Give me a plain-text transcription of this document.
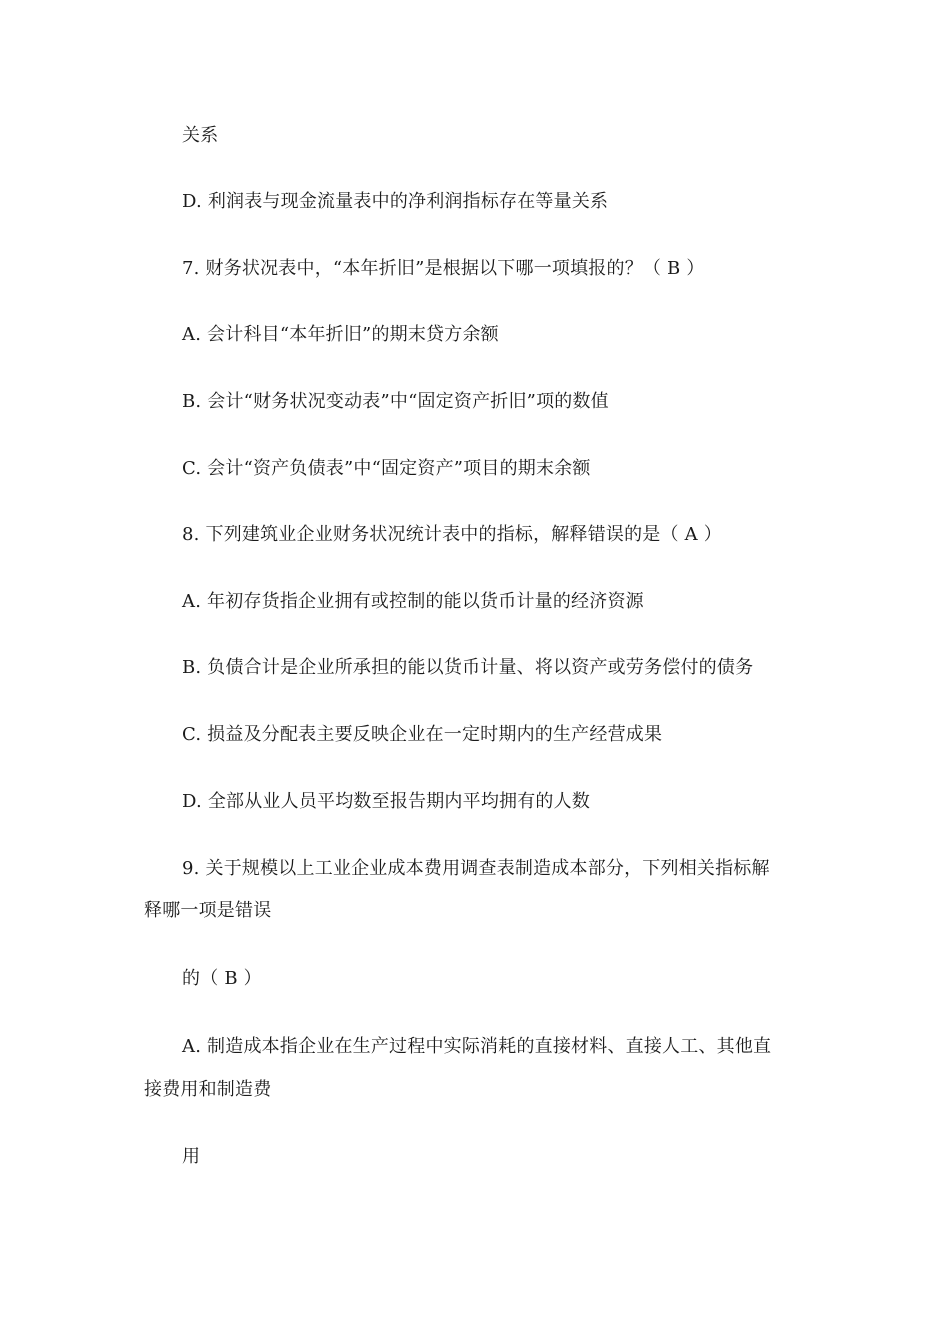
关系
D. 利润表与现金流量表中的净利润指标存在等量关系
7. 财务状况表中，“本年折旧”是根据以下哪一项填报的？（ B ）
A. 会计科目“本年折旧”的期末贷方余额
B. 会计“财务状况变动表”中“固定资产折旧”项的数值
C. 会计“资产负债表”中“固定资产”项目的期末余额
8. 下列建筑业企业财务状况统计表中的指标，解释错误的是（ A ）
A. 年初存货指企业拥有或控制的能以货币计量的经济资源
B. 负债合计是企业所承担的能以货币计量、将以资产或劳务偿付的债务
C. 损益及分配表主要反映企业在一定时期内的生产经营成果
D. 全部从业人员平均数至报告期内平均拥有的人数
9. 关于规模以上工业企业成本费用调查表制造成本部分，下列相关指标解
释哪一项是错误
的（ B ）
A. 制造成本指企业在生产过程中实际消耗的直接材料、直接人工、其他直
接费用和制造费
用
